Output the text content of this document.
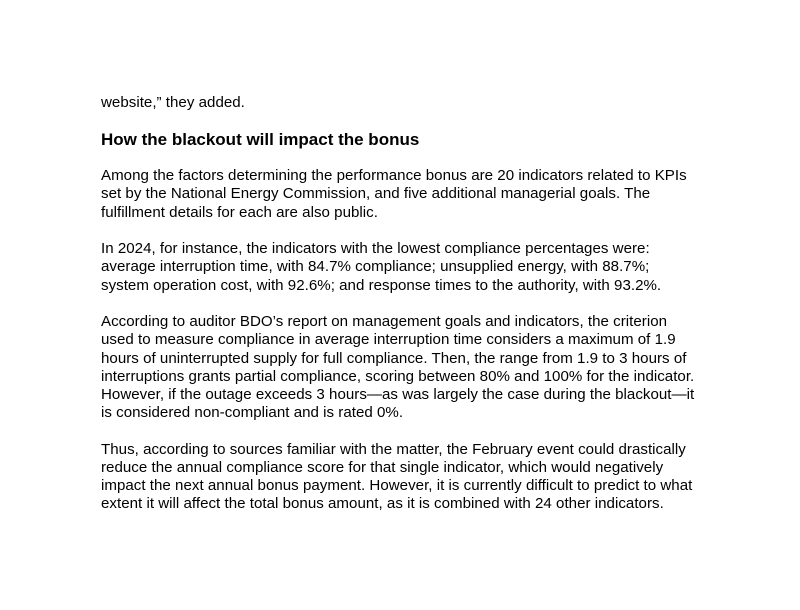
website,” they added.

How the blackout will impact the bonus

Among the factors determining the performance bonus are 20 indicators related to KPIs set by the National Energy Commission, and five additional managerial goals. The fulfillment details for each are also public.

In 2024, for instance, the indicators with the lowest compliance percentages were: average interruption time, with 84.7% compliance; unsupplied energy, with 88.7%; system operation cost, with 92.6%; and response times to the authority, with 93.2%.

According to auditor BDO’s report on management goals and indicators, the criterion used to measure compliance in average interruption time considers a maximum of 1.9 hours of uninterrupted supply for full compliance. Then, the range from 1.9 to 3 hours of interruptions grants partial compliance, scoring between 80% and 100% for the indicator. However, if the outage exceeds 3 hours—as was largely the case during the blackout—it is considered non-compliant and is rated 0%.

Thus, according to sources familiar with the matter, the February event could drastically reduce the annual compliance score for that single indicator, which would negatively impact the next annual bonus payment. However, it is currently difficult to predict to what extent it will affect the total bonus amount, as it is combined with 24 other indicators.
